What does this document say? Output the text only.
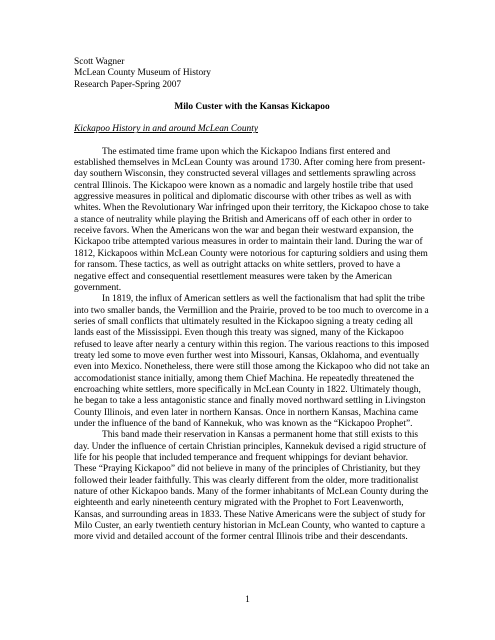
Scott Wagner

McLean County Museum of History

Research Paper-Spring 2007

Milo Custer with the Kansas Kickapoo

Kickapoo History in and around McLean County

The estimated time frame upon which the Kickapoo Indians first entered and established themselves in McLean County was around 1730. After coming here from present-day southern Wisconsin, they constructed several villages and settlements sprawling across central Illinois. The Kickapoo were known as a nomadic and largely hostile tribe that used aggressive measures in political and diplomatic discourse with other tribes as well as with whites. When the Revolutionary War infringed upon their territory, the Kickapoo chose to take a stance of neutrality while playing the British and Americans off of each other in order to receive favors. When the Americans won the war and began their westward expansion, the Kickapoo tribe attempted various measures in order to maintain their land. During the war of 1812, Kickapoos within McLean County were notorious for capturing soldiers and using them for ransom. These tactics, as well as outright attacks on white settlers, proved to have a negative effect and consequential resettlement measures were taken by the American government.

In 1819, the influx of American settlers as well the factionalism that had split the tribe into two smaller bands, the Vermillion and the Prairie, proved to be too much to overcome in a series of small conflicts that ultimately resulted in the Kickapoo signing a treaty ceding all lands east of the Mississippi. Even though this treaty was signed, many of the Kickapoo refused to leave after nearly a century within this region. The various reactions to this imposed treaty led some to move even further west into Missouri, Kansas, Oklahoma, and eventually even into Mexico. Nonetheless, there were still those among the Kickapoo who did not take an accomodationist stance initially, among them Chief Machina. He repeatedly threatened the encroaching white settlers, more specifically in McLean County in 1822. Ultimately though, he began to take a less antagonistic stance and finally moved northward settling in Livingston County Illinois, and even later in northern Kansas. Once in northern Kansas, Machina came under the influence of the band of Kannekuk, who was known as the “Kickapoo Prophet”.

This band made their reservation in Kansas a permanent home that still exists to this day. Under the influence of certain Christian principles, Kannekuk devised a rigid structure of life for his people that included temperance and frequent whippings for deviant behavior. These “Praying Kickapoo” did not believe in many of the principles of Christianity, but they followed their leader faithfully. This was clearly different from the older, more traditionalist nature of other Kickapoo bands. Many of the former inhabitants of McLean County during the eighteenth and early nineteenth century migrated with the Prophet to Fort Leavenworth, Kansas, and surrounding areas in 1833. These Native Americans were the subject of study for Milo Custer, an early twentieth century historian in McLean County, who wanted to capture a more vivid and detailed account of the former central Illinois tribe and their descendants.

1
